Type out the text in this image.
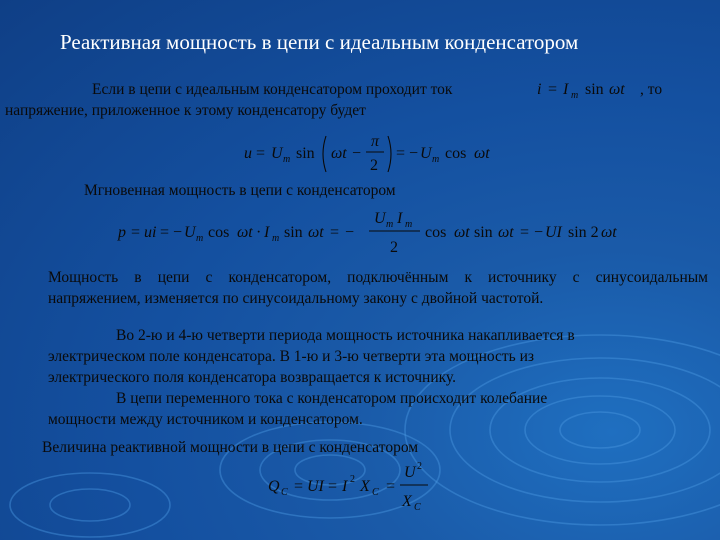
Реактивная мощность в цепи с идеальным конденсатором
Если в цепи с идеальным конденсатором проходит ток	i = I m sin ωt , то
напряжение, приложенное к этому конденсатору будет
u = U m sin ωt −
π
2
= − U m cos ωt
Мгновенная мощность в цепи с конденсатором
p = ui = − U m cos ωt · I m sin ωt = −
U m I m
2
cos ωt sin ωt = − UI sin 2 ωt
Мощность в цепи с конденсатором, подключённым к источнику с синусоидальным
напряжением, изменяется по синусоидальному закону с двойной частотой.
Во 2-ю и 4-ю четверти периода мощность источника накапливается в
электрическом поле конденсатора. В 1-ю и 3-ю четверти эта мощность из
электрического поля конденсатора возвращается к источнику.
В цепи переменного тока с конденсатором происходит колебание
мощности между источником и конденсатором.
Величина реактивной мощности в цепи с конденсатором
Q C = UI = I 2 X C =
U 2
X C
